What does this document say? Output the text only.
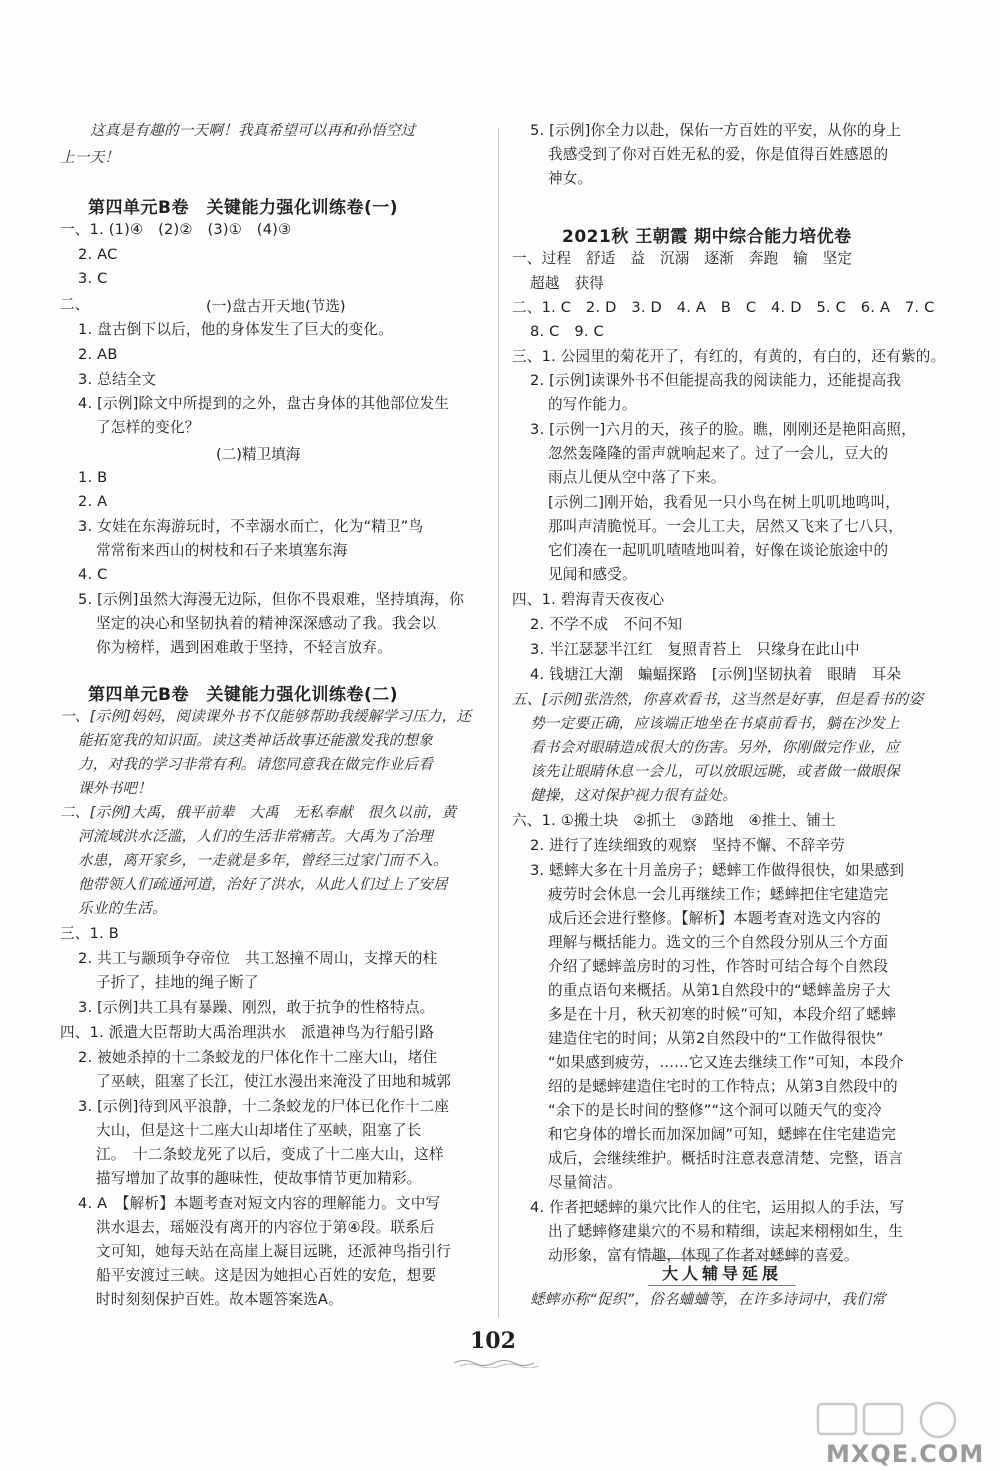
这真是有趣的一天啊！我真希望可以再和孙悟空过
上一天！
第四单元B卷　关键能力强化训练卷(一)
一、1. (1)④　(2)②　(3)①　(4)③
2. AC
3. C
二、	(一)盘古开天地(节选)
1. 盘古倒下以后，他的身体发生了巨大的变化。
2. AB
3. 总结全文
4. [示例]除文中所提到的之外，盘古身体的其他部位发生
了怎样的变化？
(二)精卫填海
1. B
2. A
3. 女娃在东海游玩时，不幸溺水而亡，化为“精卫”鸟
常常衔来西山的树枝和石子来填塞东海
4. C
5. [示例]虽然大海漫无边际，但你不畏艰难，坚持填海，你
坚定的决心和坚韧执着的精神深深感动了我。我会以
你为榜样，遇到困难敢于坚持，不轻言放弃。
第四单元B卷　关键能力强化训练卷(二)
一、[示例]妈妈，阅读课外书不仅能够帮助我缓解学习压力，还
能拓宽我的知识面。读这类神话故事还能激发我的想象
力，对我的学习非常有利。请您同意我在做完作业后看
课外书吧！
二、[示例]大禹，俄平前辈　大禹　无私奉献　很久以前，黄
河流域洪水泛滥，人们的生活非常痛苦。大禹为了治理
水患，离开家乡，一走就是多年，曾经三过家门而不入。
他带领人们疏通河道，治好了洪水，从此人们过上了安居
乐业的生活。
三、1. B
2. 共工与颛顼争夺帝位　共工怒撞不周山，支撑天的柱
子折了，挂地的绳子断了
3. [示例]共工具有暴躁、刚烈，敢于抗争的性格特点。
四、1. 派遣大臣帮助大禹治理洪水　派遣神鸟为行船引路
2. 被她杀掉的十二条蛟龙的尸体化作十二座大山，堵住
了巫峡，阻塞了长江，使江水漫出来淹没了田地和城郭
3. [示例]待到风平浪静，十二条蛟龙的尸体已化作十二座
大山，但是这十二座大山却堵住了巫峡，阻塞了长
江。　十二条蛟龙死了以后，变成了十二座大山，这样
描写增加了故事的趣味性，使故事情节更加精彩。
4. A　【解析】本题考查对短文内容的理解能力。文中写
洪水退去，瑶姬没有离开的内容位于第④段。联系后
文可知，她每天站在高崖上凝目远眺，还派神鸟指引行
船平安渡过三峡。这是因为她担心百姓的安危，想要
时时刻刻保护百姓。故本题答案选A。
5. [示例]你全力以赴，保佑一方百姓的平安，从你的身上
我感受到了你对百姓无私的爱，你是值得百姓感恩的
神女。
2021秋 王朝霞 期中综合能力培优卷
一、过程　舒适　益　沉溺　逐渐　奔跑　输　坚定
超越　获得
二、1. C　2. D　3. D　4. A　B　C　4. D　5. C　6. A　7. C
8. C　9. C
三、1. 公园里的菊花开了，有红的，有黄的，有白的，还有紫的。
2. [示例]读课外书不但能提高我的阅读能力，还能提高我
的写作能力。
3. [示例一]六月的天，孩子的脸。瞧，刚刚还是艳阳高照，
忽然轰隆隆的雷声就响起来了。过了一会儿，豆大的
雨点儿便从空中落了下来。
[示例二]刚开始，我看见一只小鸟在树上叽叽地鸣叫，
那叫声清脆悦耳。一会儿工夫，居然又飞来了七八只，
它们凑在一起叽叽喳喳地叫着，好像在谈论旅途中的
见闻和感受。
四、1. 碧海青天夜夜心
2. 不学不成　不问不知
3. 半江瑟瑟半江红　复照青苔上　只缘身在此山中
4. 钱塘江大潮　蝙蝠探路　[示例]坚韧执着　眼睛　耳朵
五、[示例]张浩然，你喜欢看书，这当然是好事，但是看书的姿
势一定要正确，应该端正地坐在书桌前看书，躺在沙发上
看书会对眼睛造成很大的伤害。另外，你刚做完作业，应
该先让眼睛休息一会儿，可以放眼远眺，或者做一做眼保
健操，这对保护视力很有益处。
六、1. ①搬土块　②抓土　③踏地　④推土、铺土
2. 进行了连续细致的观察　坚持不懈、不辞辛劳
3. 蟋蟀大多在十月盖房子；蟋蟀工作做得很快，如果感到
疲劳时会休息一会儿再继续工作；蟋蟀把住宅建造完
成后还会进行整修。【解析】本题考查对选文内容的
理解与概括能力。选文的三个自然段分别从三个方面
介绍了蟋蟀盖房时的习性，作答时可结合每个自然段
的重点语句来概括。从第1自然段中的“蟋蟀盖房子大
多是在十月，秋天初寒的时候”可知，本段介绍了蟋蟀
建造住宅的时间；从第2自然段中的“工作做得很快”
“如果感到疲劳，……它又连去继续工作”可知，本段介
绍的是蟋蟀建造住宅时的工作特点；从第3自然段中的
“余下的是长时间的整修”“这个洞可以随天气的变冷
和它身体的增长而加深加阔”可知，蟋蟀在住宅建造完
成后，会继续维护。概括时注意表意清楚、完整，语言
尽量简洁。
4. 作者把蟋蟀的巢穴比作人的住宅，运用拟人的手法，写
出了蟋蟀修建巢穴的不易和精细，读起来栩栩如生，生
动形象，富有情趣，体现了作者对蟋蟀的喜爱。
蟋蟀亦称“促织”，俗名蛐蛐等，在许多诗词中，我们常
大人辅导延展
102
MXQE.COM
